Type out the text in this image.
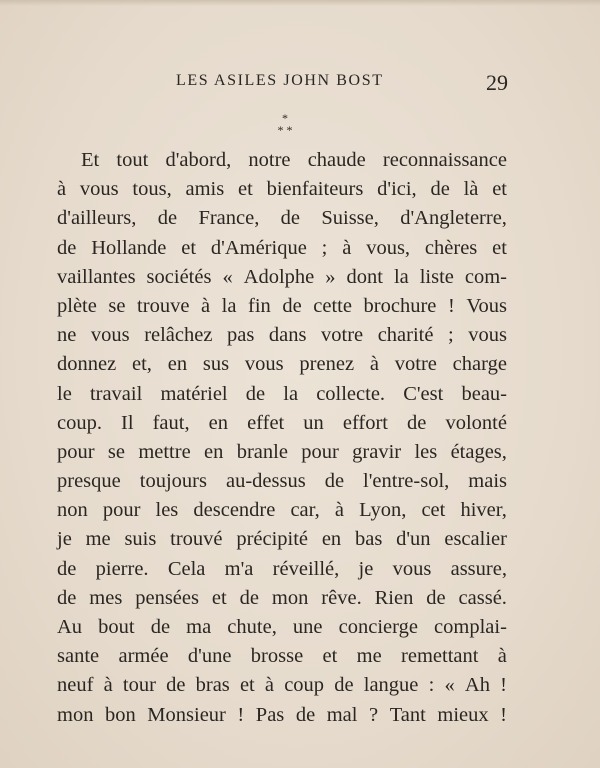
LES ASILES JOHN BOST	29
*
* *
Et tout d'abord, notre chaude reconnaissance
à vous tous, amis et bienfaiteurs d'ici, de là et
d'ailleurs, de France, de Suisse, d'Angleterre,
de Hollande et d'Amérique ; à vous, chères et
vaillantes sociétés « Adolphe » dont la liste com-
plète se trouve à la fin de cette brochure ! Vous
ne vous relâchez pas dans votre charité ; vous
donnez et, en sus vous prenez à votre charge
le travail matériel de la collecte. C'est beau-
coup. Il faut, en effet un effort de volonté
pour se mettre en branle pour gravir les étages,
presque toujours au-dessus de l'entre-sol, mais
non pour les descendre car, à Lyon, cet hiver,
je me suis trouvé précipité en bas d'un escalier
de pierre. Cela m'a réveillé, je vous assure,
de mes pensées et de mon rêve. Rien de cassé.
Au bout de ma chute, une concierge complai-
sante armée d'une brosse et me remettant à
neuf à tour de bras et à coup de langue : « Ah !
mon bon Monsieur ! Pas de mal ? Tant mieux !
